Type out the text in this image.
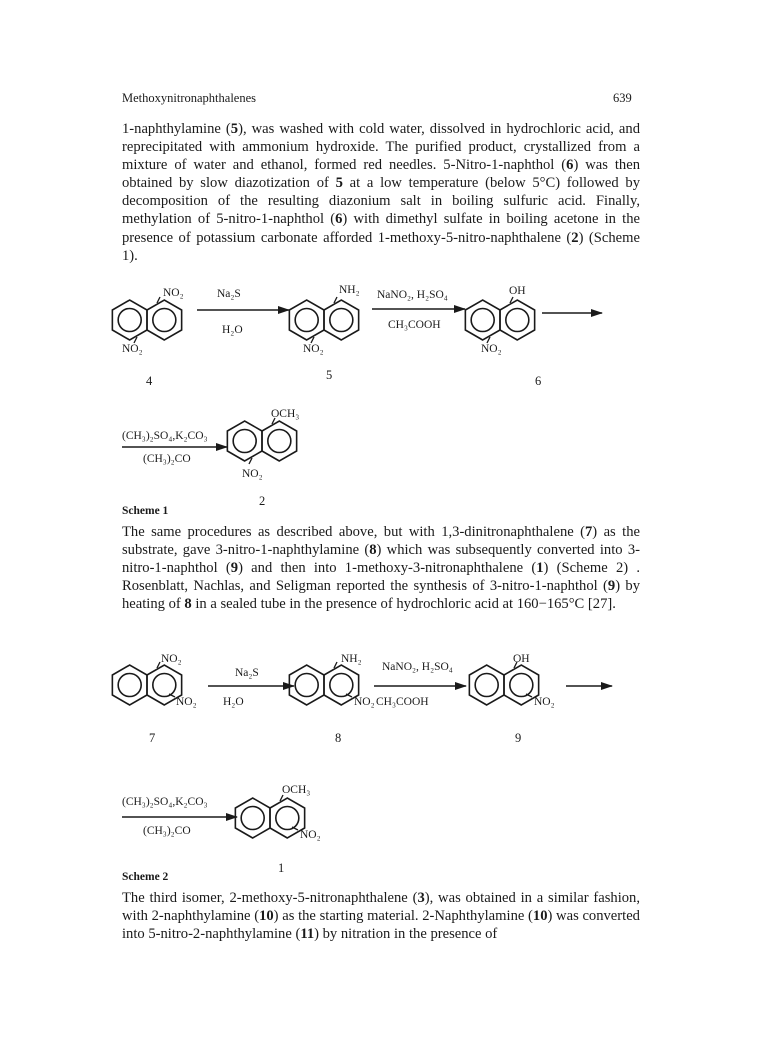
Methoxynitronaphthalenes	639

1-naphthylamine (5), was washed with cold water, dissolved in hydrochloric acid, and reprecipitated with ammonium hydroxide. The purified product, crystallized from a mixture of water and ethanol, formed red needles. 5-Nitro-1-naphthol (6) was then obtained by slow diazotization of 5 at a low temperature (below 5°C) followed by decomposition of the resulting diazonium salt in boiling sulfuric acid. Finally, methylation of 5-nitro-1-naphthol (6) with dimethyl sulfate in boiling acetone in the presence of potassium carbonate afforded 1-methoxy-5-nitro-naphthalene (2) (Scheme 1).

NO₂
NO₂
4
Na₂S
H₂O
NH₂
NO₂
5
NaNO₂, H₂SO₄
CH₃COOH
OH
NO₂
6
(CH₃)₂SO₄,K₂CO₃
(CH₃)₂CO
OCH₃
NO₂
2
NO₂
NO₂
7
Na₂S
H₂O
NH₂
NO₂
8
NaNO₂, H₂SO₄
CH₃COOH
OH
NO₂
9
(CH₃)₂SO₄,K₂CO₃
(CH₃)₂CO
OCH₃
NO₂
1
Scheme 1

The same procedures as described above, but with 1,3-dinitronaphthalene (7) as the substrate, gave 3-nitro-1-naphthylamine (8) which was subsequently converted into 3-nitro-1-naphthol (9) and then into 1-methoxy-3-nitronaphthalene (1) (Scheme 2) . Rosenblatt, Nachlas, and Seligman reported the synthesis of 3-nitro-1-naphthol (9) by heating of 8 in a sealed tube in the presence of hydrochloric acid at 160−165°C [27].

Scheme 2

The third isomer, 2-methoxy-5-nitronaphthalene (3), was obtained in a similar fashion, with 2-naphthylamine (10) as the starting material. 2-Naphthylamine (10) was converted into 5-nitro-2-naphthylamine (11) by nitration in the presence of
